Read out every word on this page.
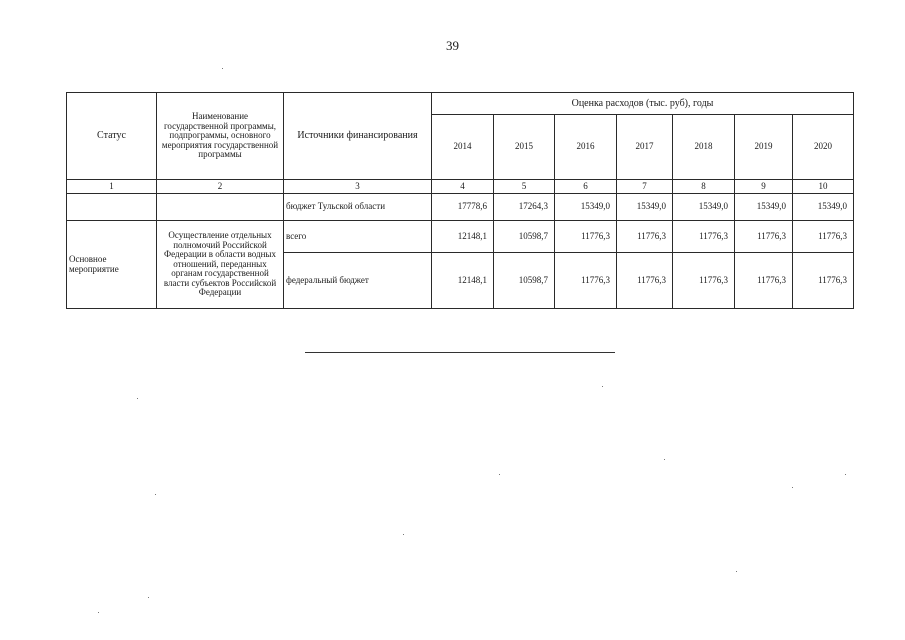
39
Статус	Наименование государственной программы, подпрограммы, основного мероприятия государственной программы	Источники финансирования	Оценка расходов (тыс. руб), годы						
			2014	2015	2016	2017	2018	2019	2020
1	2	3	4	5	6	7	8	9	10
		бюджет Тульской области	17778,6	17264,3	15349,0	15349,0	15349,0	15349,0	15349,0
Основное мероприятие	Осуществление отдельных полномочий Российской Федерации в области водных отношений, переданных органам государственной власти субъектов Российской Федерации	всего	12148,1	10598,7	11776,3	11776,3	11776,3	11776,3	11776,3
		федеральный бюджет	12148,1	10598,7	11776,3	11776,3	11776,3	11776,3	11776,3
